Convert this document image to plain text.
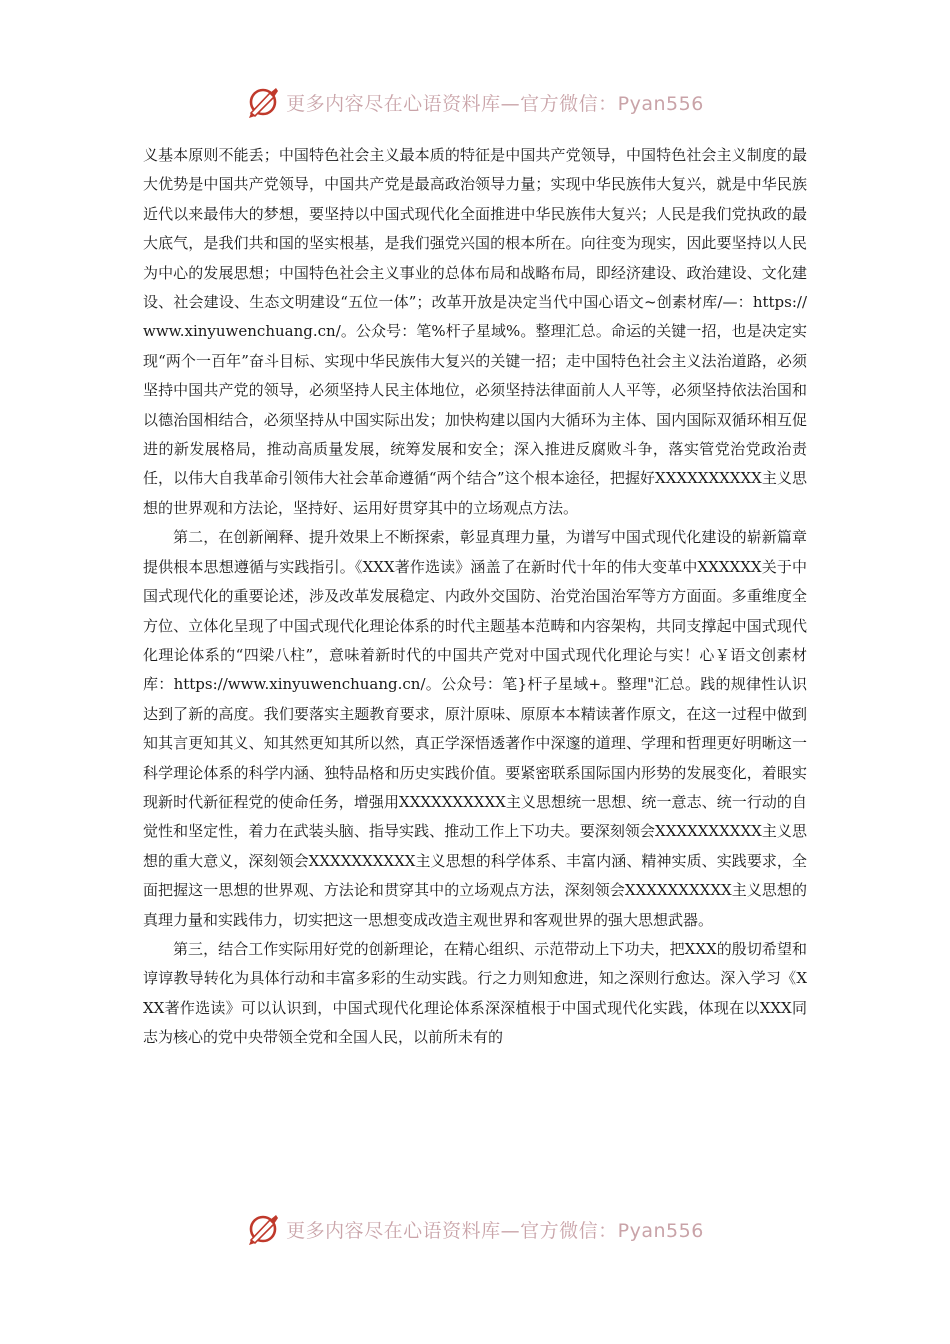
更多内容尽在心语资料库—官方微信：Pyan556

义基本原则不能丢；中国特色社会主义最本质的特征是中国共产党领导，中国特色社会主义制度的最大优势是中国共产党领导，中国共产党是最高政治领导力量；实现中华民族伟大复兴，就是中华民族近代以来最伟大的梦想，要坚持以中国式现代化全面推进中华民族伟大复兴；人民是我们党执政的最大底气，是我们共和国的坚实根基，是我们强党兴国的根本所在。向往变为现实，因此要坚持以人民为中心的发展思想；中国特色社会主义事业的总体布局和战略布局，即经济建设、政治建设、文化建设、社会建设、生态文明建设“五位一体”；改革开放是决定当代中国心语文~创素材库/—：https://www.xinyuwenchuang.cn/。公众号：笔%杆子星域%。整理汇总。命运的关键一招，也是决定实现“两个一百年”奋斗目标、实现中华民族伟大复兴的关键一招；走中国特色社会主义法治道路，必须坚持中国共产党的领导，必须坚持人民主体地位，必须坚持法律面前人人平等，必须坚持依法治国和以德治国相结合，必须坚持从中国实际出发；加快构建以国内大循环为主体、国内国际双循环相互促进的新发展格局，推动高质量发展，统筹发展和安全；深入推进反腐败斗争，落实管党治党政治责任，以伟大自我革命引领伟大社会革命遵循“两个结合”这个根本途径，把握好XXXXXXXXXX主义思想的世界观和方法论，坚持好、运用好贯穿其中的立场观点方法。

第二，在创新阐释、提升效果上不断探索，彰显真理力量，为谱写中国式现代化建设的崭新篇章提供根本思想遵循与实践指引。《XXX著作选读》涵盖了在新时代十年的伟大变革中XXXXXX关于中国式现代化的重要论述，涉及改革发展稳定、内政外交国防、治党治国治军等方方面面。多重维度全方位、立体化呈现了中国式现代化理论体系的时代主题基本范畴和内容架构，共同支撑起中国式现代化理论体系的“四梁八柱”，意味着新时代的中国共产党对中国式现代化理论与实！心￥语文创素材库：https://www.xinyuwenchuang.cn/。公众号：笔}杆子星域+。整理"汇总。践的规律性认识达到了新的高度。我们要落实主题教育要求，原汁原味、原原本本精读著作原文，在这一过程中做到知其言更知其义、知其然更知其所以然，真正学深悟透著作中深邃的道理、学理和哲理更好明晰这一科学理论体系的科学内涵、独特品格和历史实践价值。要紧密联系国际国内形势的发展变化，着眼实现新时代新征程党的使命任务，增强用XXXXXXXXXX主义思想统一思想、统一意志、统一行动的自觉性和坚定性，着力在武装头脑、指导实践、推动工作上下功夫。要深刻领会XXXXXXXXXX主义思想的重大意义，深刻领会XXXXXXXXXX主义思想的科学体系、丰富内涵、精神实质、实践要求，全面把握这一思想的世界观、方法论和贯穿其中的立场观点方法，深刻领会XXXXXXXXXX主义思想的真理力量和实践伟力，切实把这一思想变成改造主观世界和客观世界的强大思想武器。

第三，结合工作实际用好党的创新理论，在精心组织、示范带动上下功夫，把XXX的殷切希望和谆谆教导转化为具体行动和丰富多彩的生动实践。行之力则知愈进，知之深则行愈达。深入学习《XXX著作选读》可以认识到，中国式现代化理论体系深深植根于中国式现代化实践，体现在以XXX同志为核心的党中央带领全党和全国人民，以前所未有的

更多内容尽在心语资料库—官方微信：Pyan556
